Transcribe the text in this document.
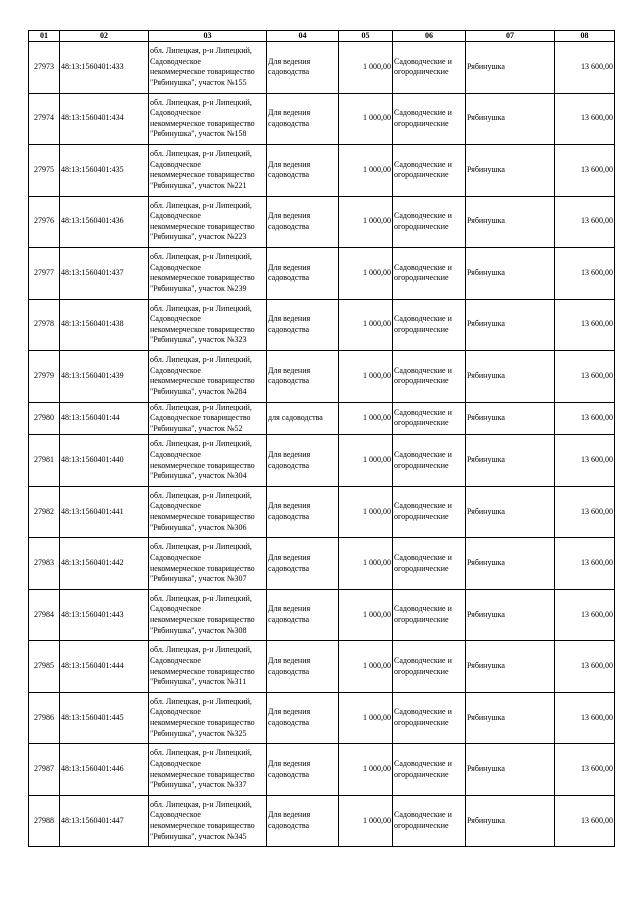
01	02	03	04	05	06	07	08
27973	48:13:1560401:433	обл. Липецкая, р-н Липецкий,
Садоводческое
некоммерческое товарищество
"Рябинушка", участок №155	Для ведения
садоводства	1 000,00	Садоводческие и
огороднические	Рябинушка	13 600,00
27974	48:13:1560401:434	обл. Липецкая, р-н Липецкий,
Садоводческое
некоммерческое товарищество
"Рябинушка", участок №158	Для ведения
садоводства	1 000,00	Садоводческие и
огороднические	Рябинушка	13 600,00
27975	48:13:1560401:435	обл. Липецкая, р-н Липецкий,
Садоводческое
некоммерческое товарищество
"Рябинушка", участок №221	Для ведения
садоводства	1 000,00	Садоводческие и
огороднические	Рябинушка	13 600,00
27976	48:13:1560401:436	обл. Липецкая, р-н Липецкий,
Садоводческое
некоммерческое товарищество
"Рябинушка", участок №223	Для ведения
садоводства	1 000,00	Садоводческие и
огороднические	Рябинушка	13 600,00
27977	48:13:1560401:437	обл. Липецкая, р-н Липецкий,
Садоводческое
некоммерческое товарищество
"Рябинушка", участок №239	Для ведения
садоводства	1 000,00	Садоводческие и
огороднические	Рябинушка	13 600,00
27978	48:13:1560401:438	обл. Липецкая, р-н Липецкий,
Садоводческое
некоммерческое товарищество
"Рябинушка", участок №323	Для ведения
садоводства	1 000,00	Садоводческие и
огороднические	Рябинушка	13 600,00
27979	48:13:1560401:439	обл. Липецкая, р-н Липецкий,
Садоводческое
некоммерческое товарищество
"Рябинушка", участок №284	Для ведения
садоводства	1 000,00	Садоводческие и
огороднические	Рябинушка	13 600,00
27980	48:13:1560401:44	обл. Липецкая, р-н Липецкий,
Садоводческое товарищество
"Рябинушка", участок №52	для садоводства	1 000,00	Садоводческие и
огороднические	Рябинушка	13 600,00
27981	48:13:1560401:440	обл. Липецкая, р-н Липецкий,
Садоводческое
некоммерческое товарищество
"Рябинушка", участок №304	Для ведения
садоводства	1 000,00	Садоводческие и
огороднические	Рябинушка	13 600,00
27982	48:13:1560401:441	обл. Липецкая, р-н Липецкий,
Садоводческое
некоммерческое товарищество
"Рябинушка", участок №306	Для ведения
садоводства	1 000,00	Садоводческие и
огороднические	Рябинушка	13 600,00
27983	48:13:1560401:442	обл. Липецкая, р-н Липецкий,
Садоводческое
некоммерческое товарищество
"Рябинушка", участок №307	Для ведения
садоводства	1 000,00	Садоводческие и
огороднические	Рябинушка	13 600,00
27984	48:13:1560401:443	обл. Липецкая, р-н Липецкий,
Садоводческое
некоммерческое товарищество
"Рябинушка", участок №308	Для ведения
садоводства	1 000,00	Садоводческие и
огороднические	Рябинушка	13 600,00
27985	48:13:1560401:444	обл. Липецкая, р-н Липецкий,
Садоводческое
некоммерческое товарищество
"Рябинушка", участок №311	Для ведения
садоводства	1 000,00	Садоводческие и
огороднические	Рябинушка	13 600,00
27986	48:13:1560401:445	обл. Липецкая, р-н Липецкий,
Садоводческое
некоммерческое товарищество
"Рябинушка", участок №325	Для ведения
садоводства	1 000,00	Садоводческие и
огороднические	Рябинушка	13 600,00
27987	48:13:1560401:446	обл. Липецкая, р-н Липецкий,
Садоводческое
некоммерческое товарищество
"Рябинушка", участок №337	Для ведения
садоводства	1 000,00	Садоводческие и
огороднические	Рябинушка	13 600,00
27988	48:13:1560401:447	обл. Липецкая, р-н Липецкий,
Садоводческое
некоммерческое товарищество
"Рябинушка", участок №345	Для ведения
садоводства	1 000,00	Садоводческие и
огороднические	Рябинушка	13 600,00
